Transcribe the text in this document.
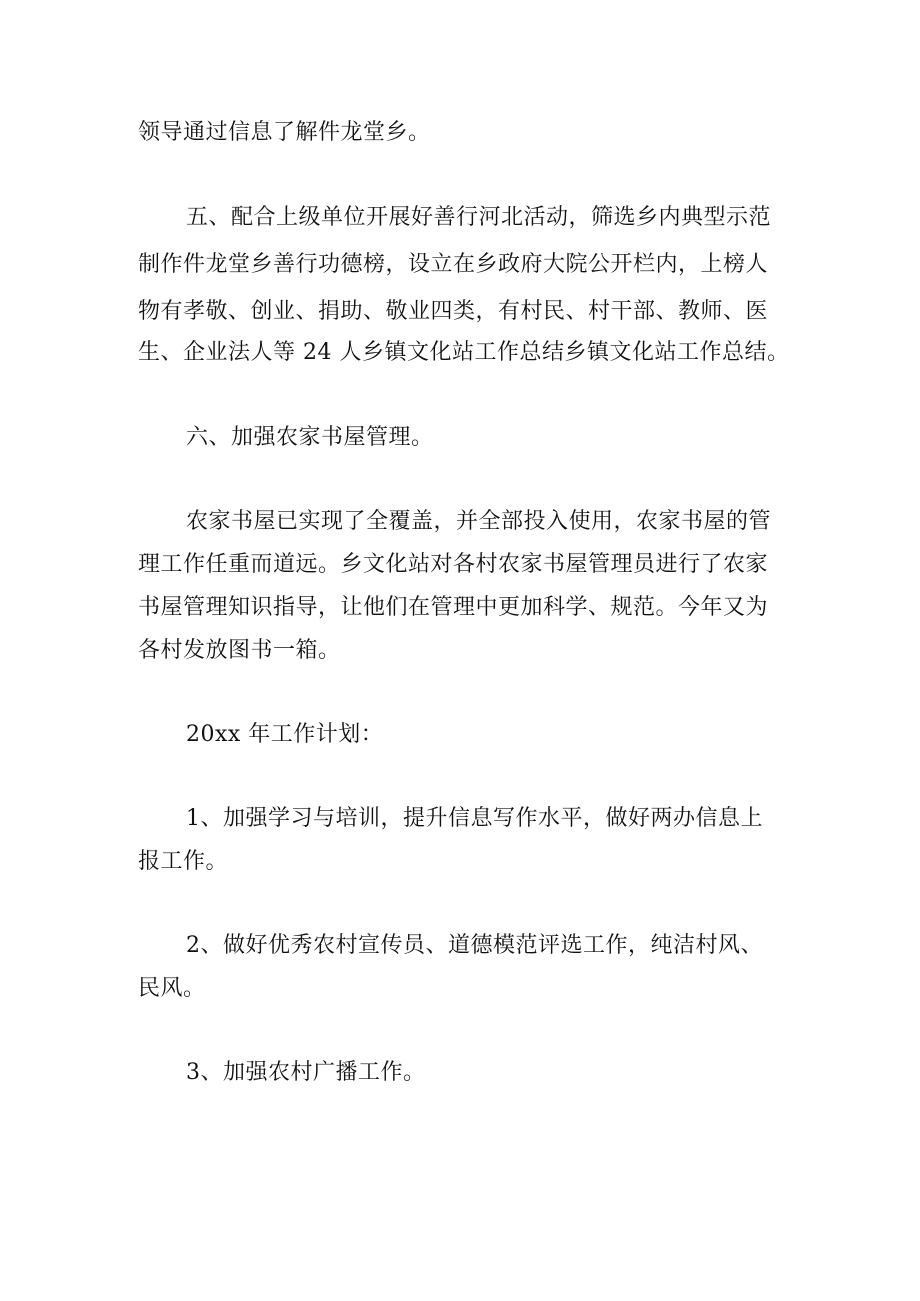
领导通过信息了解件龙堂乡。
五、配合上级单位开展好善行河北活动，筛选乡内典型示范
制作件龙堂乡善行功德榜，设立在乡政府大院公开栏内，上榜人
物有孝敬、创业、捐助、敬业四类，有村民、村干部、教师、医
生、企业法人等 24 人乡镇文化站工作总结乡镇文化站工作总结。
六、加强农家书屋管理。
农家书屋已实现了全覆盖，并全部投入使用，农家书屋的管
理工作任重而道远。乡文化站对各村农家书屋管理员进行了农家
书屋管理知识指导，让他们在管理中更加科学、规范。今年又为
各村发放图书一箱。
20xx 年工作计划：
1、加强学习与培训，提升信息写作水平，做好两办信息上
报工作。
2、做好优秀农村宣传员、道德模范评选工作，纯洁村风、
民风。
3、加强农村广播工作。
